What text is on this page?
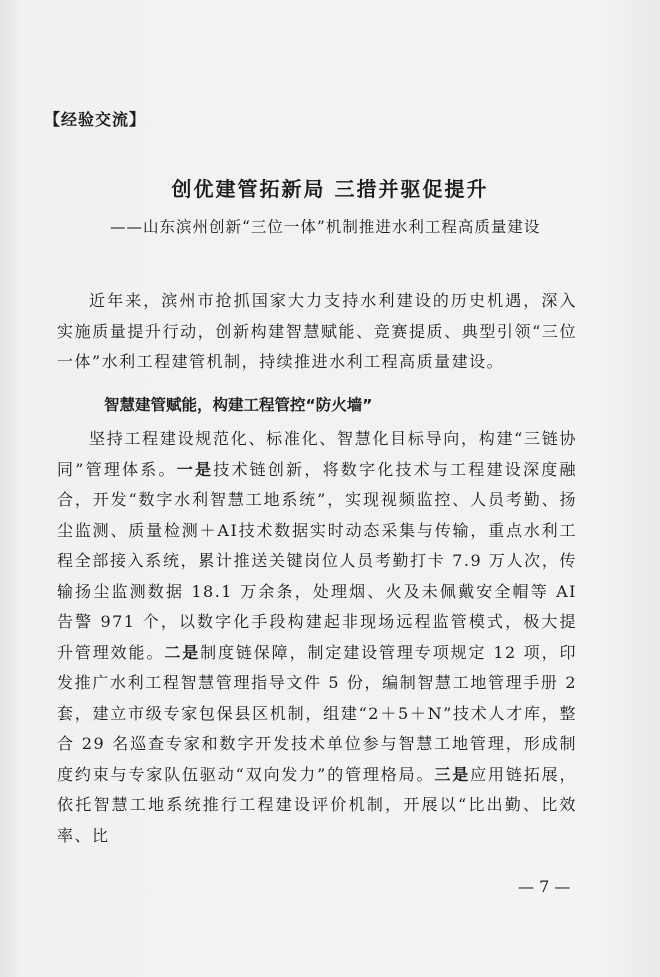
【经验交流】
创优建管拓新局 三措并驱促提升
——山东滨州创新“三位一体”机制推进水利工程高质量建设

近年来，滨州市抢抓国家大力支持水利建设的历史机遇，深入实施质量提升行动，创新构建智慧赋能、竞赛提质、典型引领“三位一体”水利工程建管机制，持续推进水利工程高质量建设。

智慧建管赋能，构建工程管控“防火墙”

坚持工程建设规范化、标准化、智慧化目标导向，构建“三链协同”管理体系。一是技术链创新，将数字化技术与工程建设深度融合，开发“数字水利智慧工地系统”，实现视频监控、人员考勤、扬尘监测、质量检测＋AI技术数据实时动态采集与传输，重点水利工程全部接入系统，累计推送关键岗位人员考勤打卡 7.9 万人次，传输扬尘监测数据 18.1 万余条，处理烟、火及未佩戴安全帽等 AI 告警 971 个，以数字化手段构建起非现场远程监管模式，极大提升管理效能。二是制度链保障，制定建设管理专项规定 12 项，印发推广水利工程智慧管理指导文件 5 份，编制智慧工地管理手册 2 套，建立市级专家包保县区机制，组建“2＋5＋N”技术人才库，整合 29 名巡查专家和数字开发技术单位参与智慧工地管理，形成制度约束与专家队伍驱动“双向发力”的管理格局。三是应用链拓展，依托智慧工地系统推行工程建设评价机制，开展以“比出勤、比效率、比

— 7 —
